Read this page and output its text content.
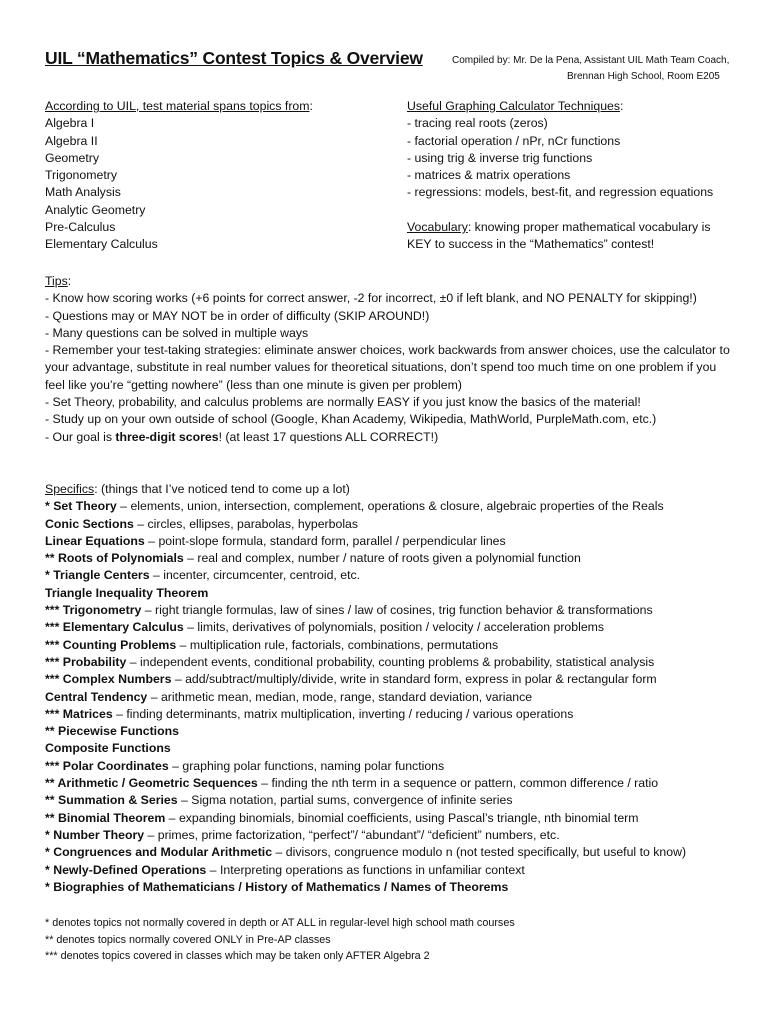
UIL “Mathematics” Contest Topics & Overview	Compiled by: Mr. De la Pena, Assistant UIL Math Team Coach,
Brennan High School, Room E205
According to UIL, test material spans topics from:
Algebra I
Algebra II
Geometry
Trigonometry
Math Analysis
Analytic Geometry
Pre-Calculus
Elementary Calculus
Useful Graphing Calculator Techniques:
- tracing real roots (zeros)
- factorial operation / nPr, nCr functions
- using trig & inverse trig functions
- matrices & matrix operations
- regressions: models, best-fit, and regression equations
Vocabulary: knowing proper mathematical vocabulary is
KEY to success in the “Mathematics” contest!
Tips:
- Know how scoring works (+6 points for correct answer, -2 for incorrect, ±0 if left blank, and NO PENALTY for skipping!)
- Questions may or MAY NOT be in order of difficulty (SKIP AROUND!)
- Many questions can be solved in multiple ways
- Remember your test-taking strategies: eliminate answer choices, work backwards from answer choices, use the calculator to your advantage, substitute in real number values for theoretical situations, don’t spend too much time on one problem if you feel like you’re “getting nowhere” (less than one minute is given per problem)
- Set Theory, probability, and calculus problems are normally EASY if you just know the basics of the material!
- Study up on your own outside of school (Google, Khan Academy, Wikipedia, MathWorld, PurpleMath.com, etc.)
- Our goal is three-digit scores! (at least 17 questions ALL CORRECT!)
Specifics: (things that I’ve noticed tend to come up a lot)
* Set Theory – elements, union, intersection, complement, operations & closure, algebraic properties of the Reals
Conic Sections – circles, ellipses, parabolas, hyperbolas
Linear Equations – point-slope formula, standard form, parallel / perpendicular lines
** Roots of Polynomials – real and complex, number / nature of roots given a polynomial function
* Triangle Centers – incenter, circumcenter, centroid, etc.
Triangle Inequality Theorem
*** Trigonometry – right triangle formulas, law of sines / law of cosines, trig function behavior & transformations
*** Elementary Calculus – limits, derivatives of polynomials, position / velocity / acceleration problems
*** Counting Problems – multiplication rule, factorials, combinations, permutations
*** Probability – independent events, conditional probability, counting problems & probability, statistical analysis
*** Complex Numbers – add/subtract/multiply/divide, write in standard form, express in polar & rectangular form
Central Tendency – arithmetic mean, median, mode, range, standard deviation, variance
*** Matrices – finding determinants, matrix multiplication, inverting / reducing / various operations
** Piecewise Functions
Composite Functions
*** Polar Coordinates – graphing polar functions, naming polar functions
** Arithmetic / Geometric Sequences – finding the nth term in a sequence or pattern, common difference / ratio
** Summation & Series – Sigma notation, partial sums, convergence of infinite series
** Binomial Theorem – expanding binomials, binomial coefficients, using Pascal’s triangle, nth binomial term
* Number Theory – primes, prime factorization, “perfect”/ “abundant”/ “deficient” numbers, etc.
* Congruences and Modular Arithmetic – divisors, congruence modulo n (not tested specifically, but useful to know)
* Newly-Defined Operations – Interpreting operations as functions in unfamiliar context
* Biographies of Mathematicians / History of Mathematics / Names of Theorems
* denotes topics not normally covered in depth or AT ALL in regular-level high school math courses
** denotes topics normally covered ONLY in Pre-AP classes
*** denotes topics covered in classes which may be taken only AFTER Algebra 2
